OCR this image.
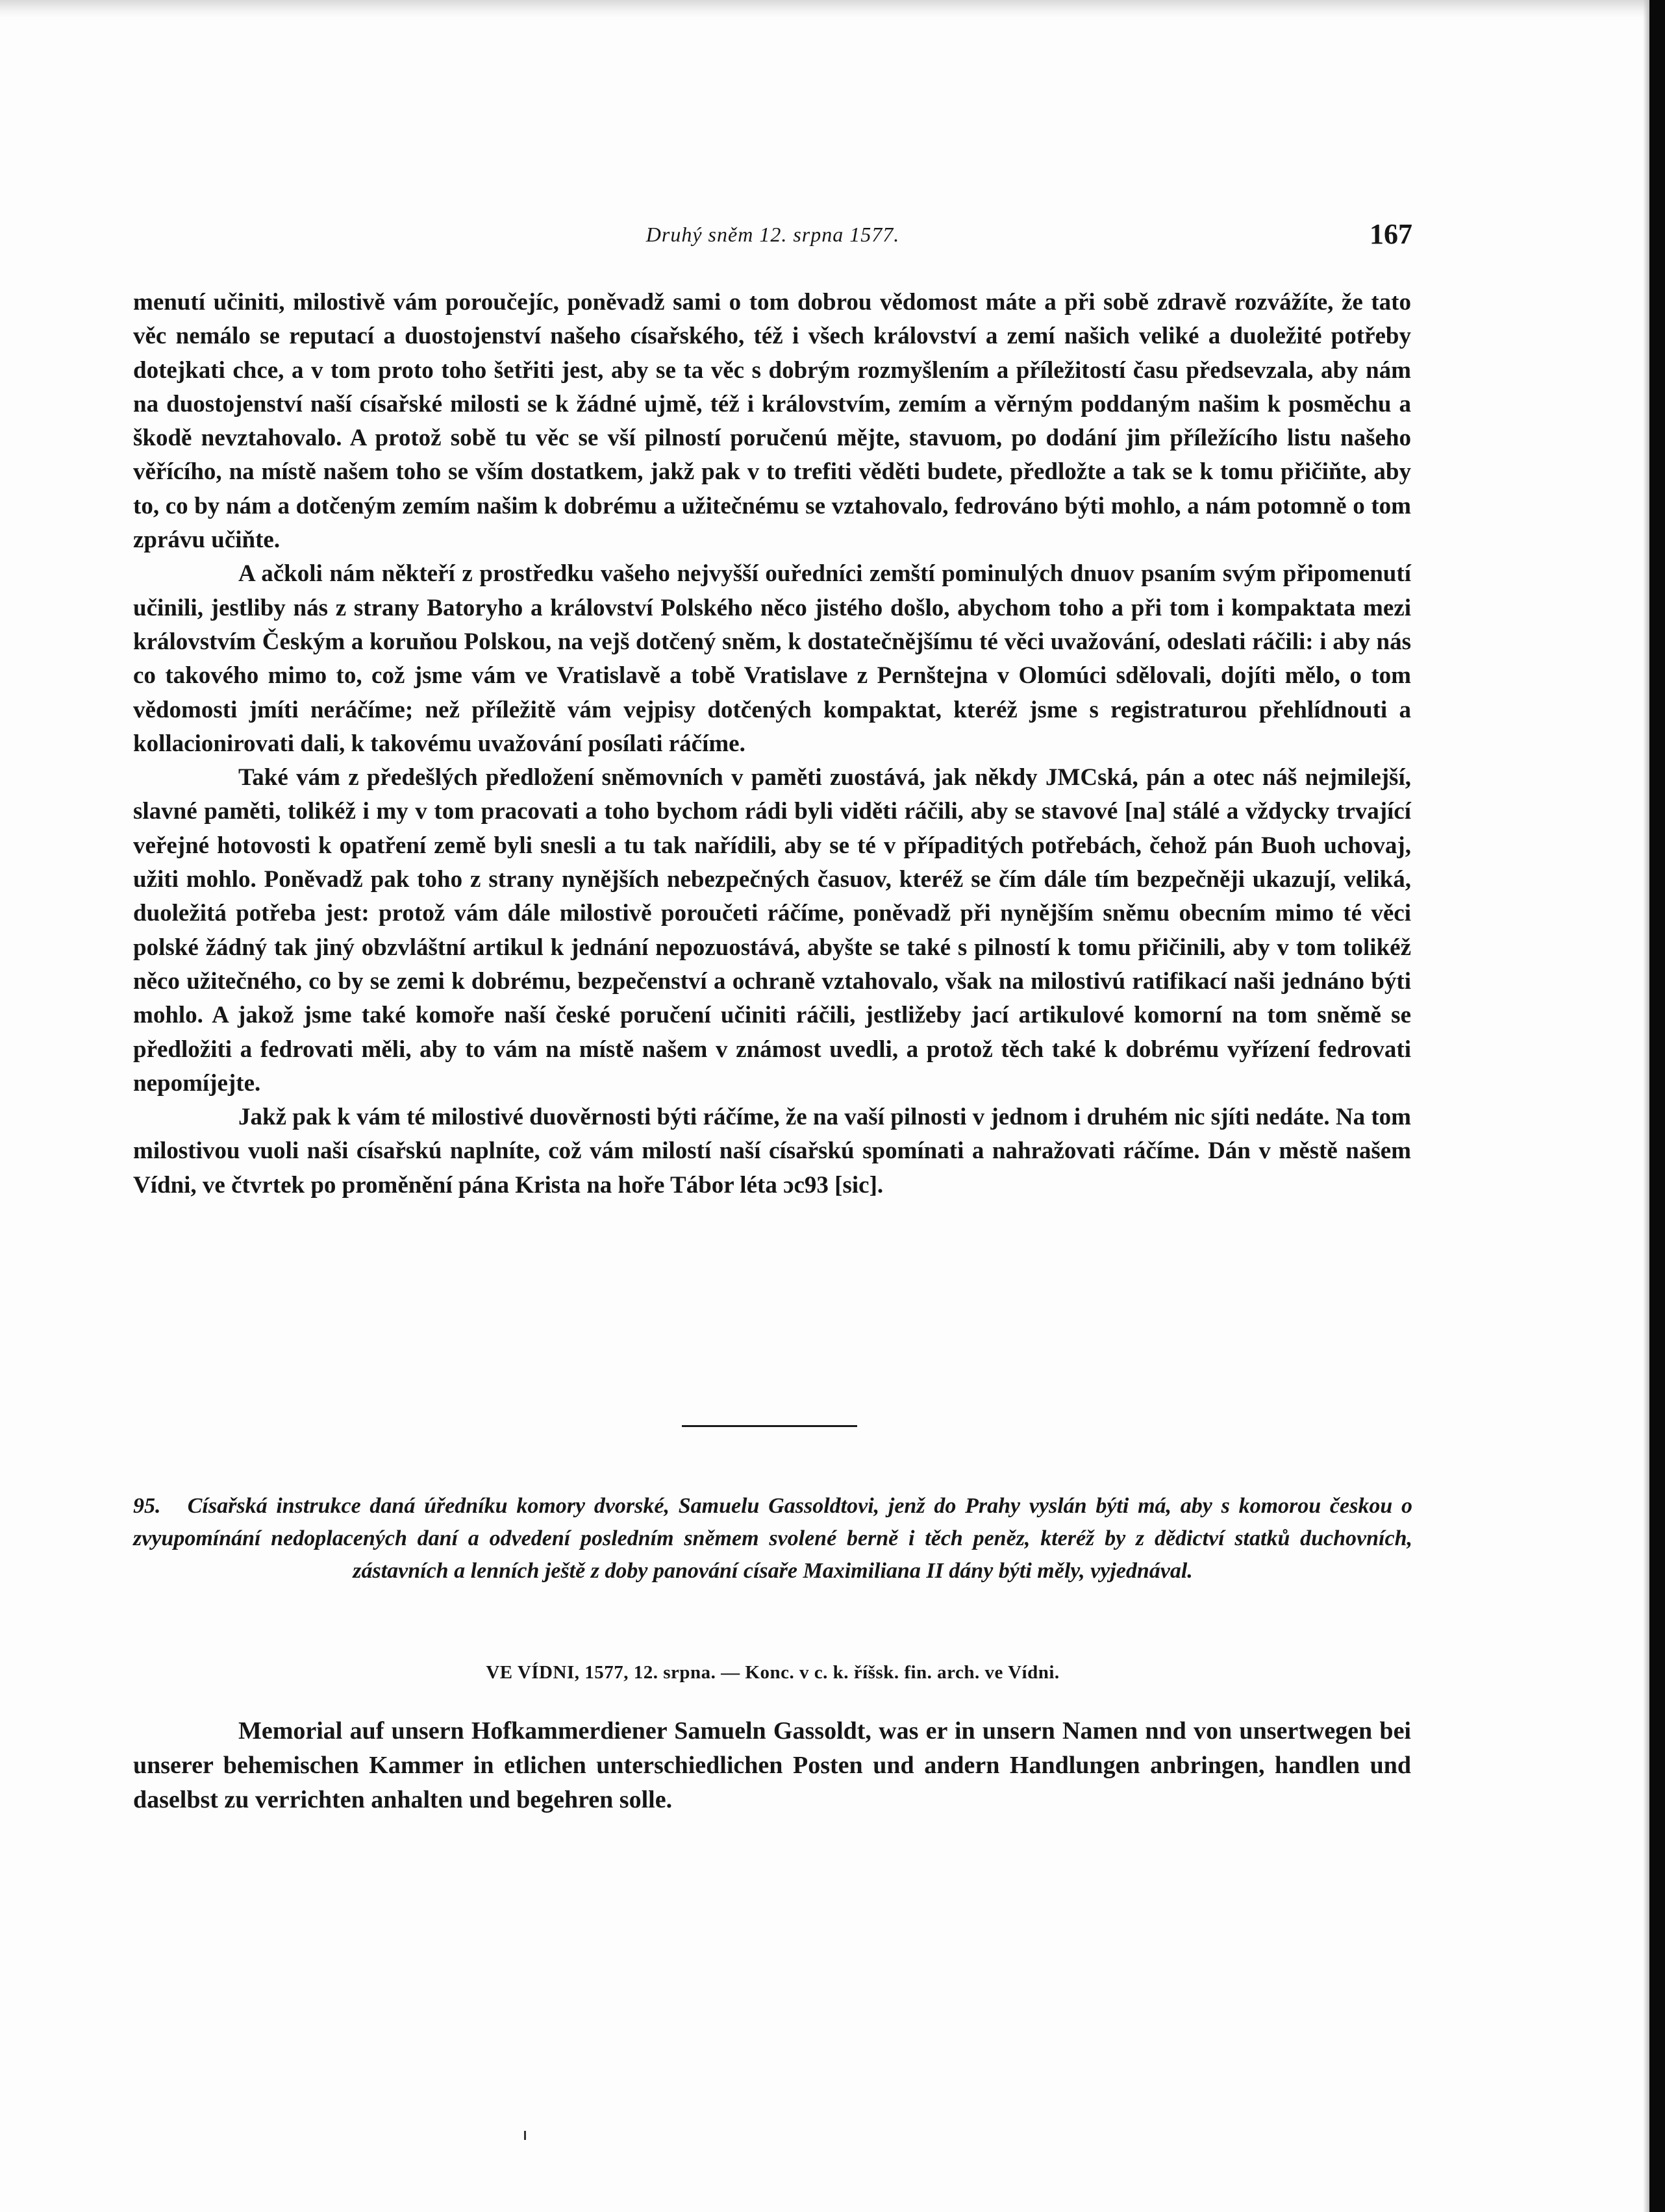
Druhý sněm 12. srpna 1577.	167

menutí učiniti, milostivě vám poroučejíc, poněvadž sami o tom dobrou vědomost máte a při sobě zdravě rozvážíte, že tato věc nemálo se reputací a duostojenství našeho císařského, též i všech království a zemí našich veliké a duoležité potřeby dotejkati chce, a v tom proto toho šetřiti jest, aby se ta věc s dobrým rozmyšlením a příležitostí času předsevzala, aby nám na duostojenství naší císařské milosti se k žádné ujmě, též i královstvím, zemím a věrným poddaným našim k posměchu a škodě nevztahovalo. A protož sobě tu věc se vší pilností poručenú mějte, stavuom, po dodání jim příležícího listu našeho věřícího, na místě našem toho se vším dostatkem, jakž pak v to trefiti věděti budete, předložte a tak se k tomu přičiňte, aby to, co by nám a dotčeným zemím našim k dobrému a užitečnému se vztahovalo, fedrováno býti mohlo, a nám potomně o tom zprávu učiňte.

A ačkoli nám někteří z prostředku vašeho nejvyšší ouředníci zemští pominulých dnuov psaním svým připomenutí učinili, jestliby nás z strany Batoryho a království Polského něco jistého došlo, abychom toho a při tom i kompaktata mezi královstvím Českým a koruňou Polskou, na vejš dotčený sněm, k dostatečnějšímu té věci uvažování, odeslati ráčili: i aby nás co takového mimo to, což jsme vám ve Vratislavě a tobě Vratislave z Pernštejna v Olomúci sdělovali, dojíti mělo, o tom vědomosti jmíti neráčíme; než příležitě vám vejpisy dotčených kompaktat, kteréž jsme s registraturou přehlídnouti a kollacionirovati dali, k takovému uvažování posílati ráčíme.

Také vám z předešlých předložení sněmovních v paměti zuostává, jak někdy JMCská, pán a otec náš nejmilejší, slavné paměti, tolikéž i my v tom pracovati a toho bychom rádi byli viděti ráčili, aby se stavové [na] stálé a vždycky trvající veřejné hotovosti k opatření země byli snesli a tu tak nařídili, aby se té v případitých potřebách, čehož pán Buoh uchovaj, užiti mohlo. Poněvadž pak toho z strany nynějších nebezpečných časuov, kteréž se čím dále tím bezpečněji ukazují, veliká, duoležitá potřeba jest: protož vám dále milostivě poroučeti ráčíme, poněvadž při nynějším sněmu obecním mimo té věci polské žádný tak jiný obzvláštní artikul k jednání nepozuostává, abyšte se také s pilností k tomu přičinili, aby v tom tolikéž něco užitečného, co by se zemi k dobrému, bezpečenství a ochraně vztahovalo, však na milostivú ratifikací naši jednáno býti mohlo. A jakož jsme také komoře naší české poručení učiniti ráčili, jestližeby jací artikulové komorní na tom sněmě se předložiti a fedrovati měli, aby to vám na místě našem v známost uvedli, a protož těch také k dobrému vyřízení fedrovati nepomíjejte.

Jakž pak k vám té milostivé duověrnosti býti ráčíme, že na vaší pilnosti v jednom i druhém nic sjíti nedáte. Na tom milostivou vuoli naši císařskú naplníte, což vám milostí naší císařskú spomínati a nahražovati ráčíme. Dán v městě našem Vídni, ve čtvrtek po proměnění pána Krista na hoře Tábor léta ɔc93 [sic].

95. Císařská instrukce daná úředníku komory dvorské, Samuelu Gassoldtovi, jenž do Prahy vyslán býti má, aby s komorou českou o zvyupomínání nedoplacených daní a odvedení posledním sněmem svolené berně i těch peněz, kteréž by z dědictví statků duchovních, zástavních a lenních ještě z doby panování císaře Maximiliana II dány býti měly, vyjednával.

VE VÍDNI, 1577, 12. srpna. — Konc. v c. k. říšsk. fin. arch. ve Vídni.

Memorial auf unsern Hofkammerdiener Samueln Gassoldt, was er in unsern Namen nnd von unsertwegen bei unserer behemischen Kammer in etlichen unterschiedlichen Posten und andern Handlungen anbringen, handlen und daselbst zu verrichten anhalten und begehren solle.
